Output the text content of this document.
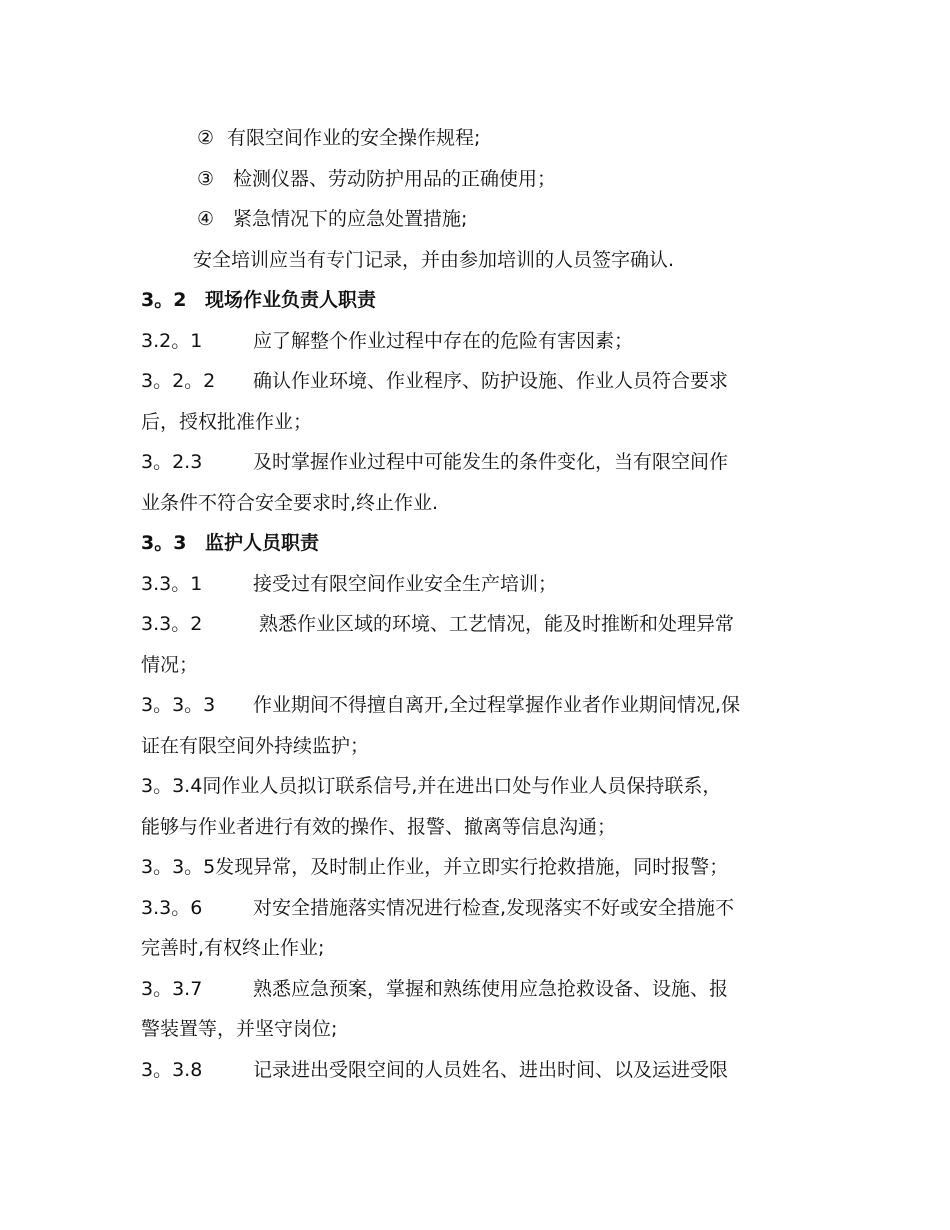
② 有限空间作业的安全操作规程;
③ 检测仪器、劳动防护用品的正确使用；
④ 紧急情况下的应急处置措施;
安全培训应当有专门记录，并由参加培训的人员签字确认.
3。2 现场作业负责人职责
3.2。1	应了解整个作业过程中存在的危险有害因素；
3。2。2 确认作业环境、作业程序、防护设施、作业人员符合要求
后，授权批准作业；
3。2.3	及时掌握作业过程中可能发生的条件变化，当有限空间作
业条件不符合安全要求时,终止作业.
3。3 监护人员职责
3.3。1	接受过有限空间作业安全生产培训；
3.3。2	熟悉作业区域的环境、工艺情况，能及时推断和处理异常
情况；
3。3。3 作业期间不得擅自离开,全过程掌握作业者作业期间情况,保
证在有限空间外持续监护；
3。3.4同作业人员拟订联系信号,并在进出口处与作业人员保持联系，
能够与作业者进行有效的操作、报警、撤离等信息沟通；
3。3。5发现异常，及时制止作业，并立即实行抢救措施，同时报警；
3.3。6	对安全措施落实情况进行检查,发现落实不好或安全措施不
完善时,有权终止作业;
3。3.7	熟悉应急预案，掌握和熟练使用应急抢救设备、设施、报
警装置等，并坚守岗位;
3。3.8	记录进出受限空间的人员姓名、进出时间、以及运进受限
